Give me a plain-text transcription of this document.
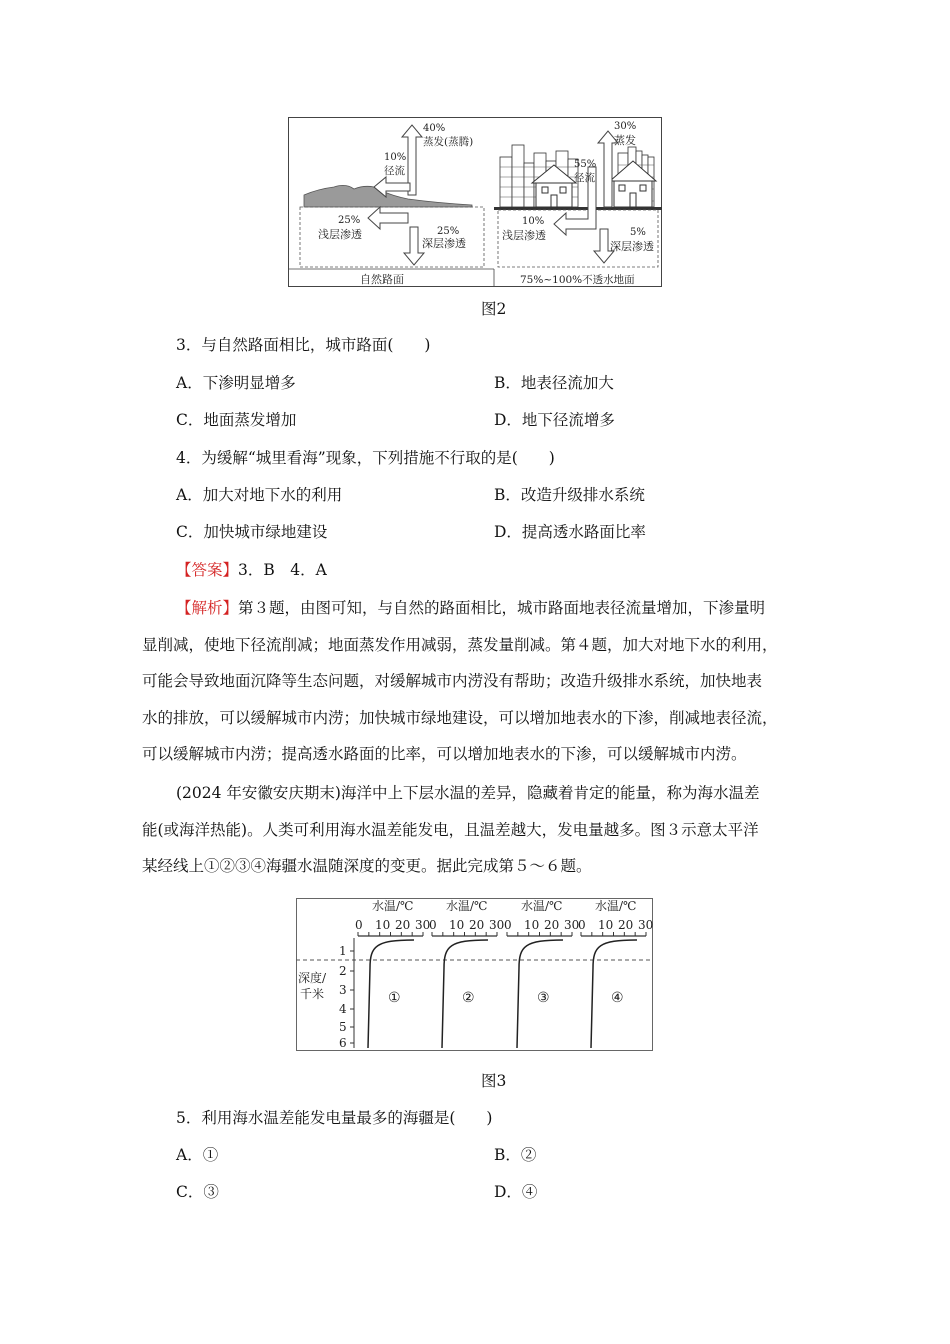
40%
蒸发(蒸腾)
10%
径流
25%
浅层渗透	25%
深层渗透
自然路面
30%
蒸发
55%
径流
10%
浅层渗透	5%
深层渗透
75%~100%不透水地面
图2
3．与自然路面相比，城市路面(　　)
A．下渗明显增多	B．地表径流加大
C．地面蒸发增加	D．地下径流增多
4．为缓解“城里看海”现象，下列措施不行取的是(　　)
A．加大对地下水的利用	B．改造升级排水系统
C．加快城市绿地建设	D．提高透水路面比率
【答案】3．B　4．A
【解析】第３题，由图可知，与自然的路面相比，城市路面地表径流量增加，下渗量明
显削减，使地下径流削减；地面蒸发作用减弱，蒸发量削减。第４题，加大对地下水的利用，
可能会导致地面沉降等生态问题，对缓解城市内涝没有帮助；改造升级排水系统，加快地表
水的排放，可以缓解城市内涝；加快城市绿地建设，可以增加地表水的下渗，削减地表径流，
可以缓解城市内涝；提高透水路面的比率，可以增加地表水的下渗，可以缓解城市内涝。
(2024 年安徽安庆期末)海洋中上下层水温的差异，隐藏着肯定的能量，称为海水温差
能(或海洋热能)。人类可利用海水温差能发电，且温差越大，发电量越多。图３示意太平洋
某经线上①②③④海疆水温随深度的变更。据此完成第５～６题。
深度/
千米
1
2
3
4
5
6
水温/℃
0 10 20 30
①
水温/℃
0 10 20 30
②
水温/℃
0 10 20 30
③
水温/℃
0 10 20 30
④
图3
5．利用海水温差能发电量最多的海疆是(　　)
A．①	B．②
C．③	D．④
